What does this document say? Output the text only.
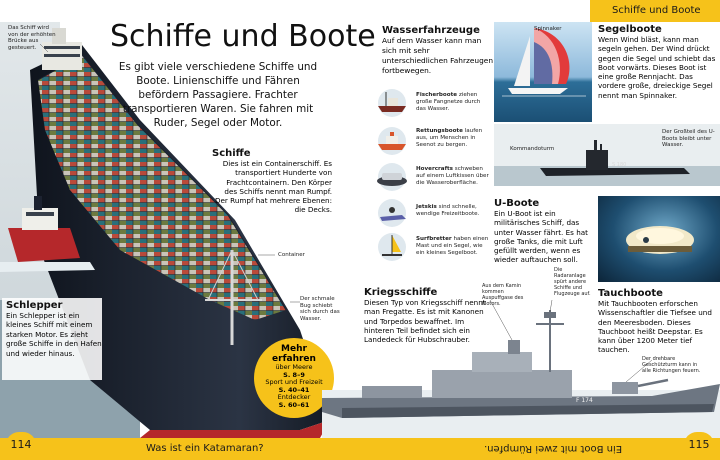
Schiffe und Boote
Das Schiff wird von der erhöhten Brücke aus gesteuert.
Container
Der schmale Bug schiebt sich durch das Wasser.
Schiffe und Boote
Es gibt viele verschiedene Schiffe und Boote. Linienschiffe und Fähren befördern Passagiere. Frachter transportieren Waren. Sie fahren mit Ruder, Segel oder Motor.
Schiffe
Dies ist ein Containerschiff. Es transportiert Hunderte von Frachtcontainern. Den Körper des Schiffs nennt man Rumpf. Der Rumpf hat mehrere Ebenen: die Decks.
Schlepper
Ein Schlepper ist ein kleines Schiff mit einem starken Motor. Es zieht große Schiffe in den Hafen und wieder hinaus.	Mehr
erfahren
über Meere
S. 8–9
Sport und Freizeit
S. 40–41
Entdecker
S. 60–61
Wasserfahrzeuge
Auf dem Wasser kann man sich mit sehr unterschiedlichen Fahrzeugen fortbewegen.
Fischerboote ziehen große Fangnetze durch das Wasser.
Rettungsboote laufen aus, um Menschen in Seenot zu bergen.
Hovercrafts schweben auf einem Luftkissen über die Wasseroberfläche.
Jetskis sind schnelle, wendige Freizeitboote.
Surfbretter haben einen Mast und ein Segel, wie ein kleines Segelboot.
Spinnaker	Segelboote
Wenn Wind bläst, kann man segeln gehen. Der Wind drückt gegen die Segel und schiebt das Boot vorwärts. Dieses Boot ist eine große Rennjacht. Das vordere große, dreieckige Segel nennt man Spinnaker.
S 180
Kommandoturm
Der Großteil des U-Boots bleibt unter Wasser.
U-Boote
Ein U-Boot ist ein militärisches Schiff, das unter Wasser fährt. Es hat große Tanks, die mit Luft gefüllt werden, wenn es wieder auftauchen soll.
Tauchboote
Mit Tauchbooten erforschen Wissenschaftler die Tiefsee und den Meeresboden. Dieses Tauchboot heißt Deepstar. Es kann über 1200 Meter tief tauchen.
F 174
Aus dem Kamin kommen Auspuffgase des Motors.
Die Radaranlage spürt andere Schiffe und Flugzeuge auf.
Der drehbare Geschützturm kann in alle Richtungen feuern.
Kriegsschiffe
Diesen Typ von Kriegsschiff nennt man Fregatte. Es ist mit Kanonen und Torpedos bewaffnet. Im hinteren Teil befindet sich ein Landedeck für Hubschrauber.
114	115
Was ist ein Katamaran?	Ein Boot mit zwei Rümpfen.
